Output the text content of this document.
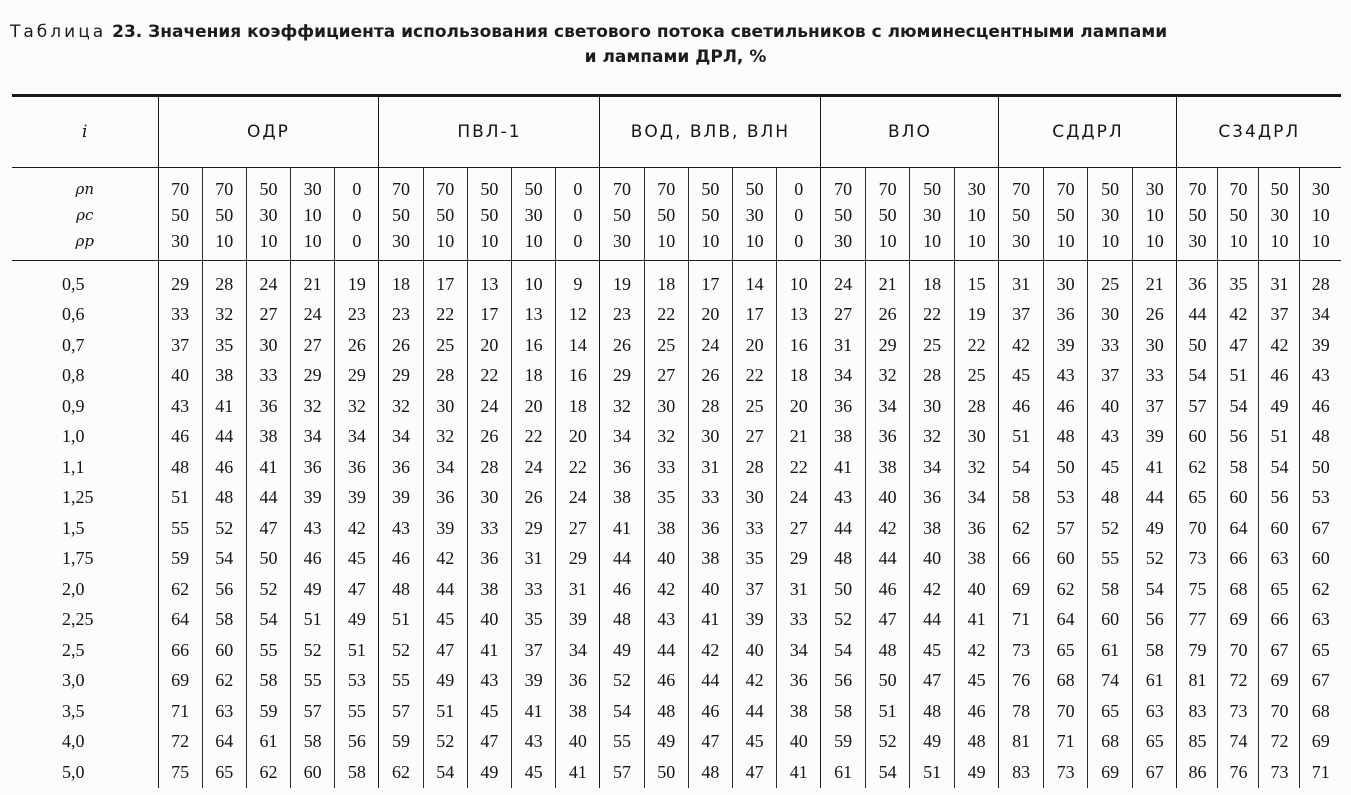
Таблица 23. Значения коэффициента использования светового потока светильников с люминесцентными лампами
и лампами ДРЛ, %
i	ОДР					ПВЛ-1					ВОД, ВЛВ, ВЛН					ВЛО				СДДРЛ				С34ДРЛ			
ρп	70	70	50	30	0	70	70	50	50	0	70	70	50	50	0	70	70	50	30	70	70	50	30	70	70	50	30
ρс	50	50	30	10	0	50	50	50	30	0	50	50	50	30	0	50	50	30	10	50	50	30	10	50	50	30	10
ρр	30	10	10	10	0	30	10	10	10	0	30	10	10	10	0	30	10	10	10	30	10	10	10	30	10	10	10
0,5	29	28	24	21	19	18	17	13	10	9	19	18	17	14	10	24	21	18	15	31	30	25	21	36	35	31	28
0,6	33	32	27	24	23	23	22	17	13	12	23	22	20	17	13	27	26	22	19	37	36	30	26	44	42	37	34
0,7	37	35	30	27	26	26	25	20	16	14	26	25	24	20	16	31	29	25	22	42	39	33	30	50	47	42	39
0,8	40	38	33	29	29	29	28	22	18	16	29	27	26	22	18	34	32	28	25	45	43	37	33	54	51	46	43
0,9	43	41	36	32	32	32	30	24	20	18	32	30	28	25	20	36	34	30	28	46	46	40	37	57	54	49	46
1,0	46	44	38	34	34	34	32	26	22	20	34	32	30	27	21	38	36	32	30	51	48	43	39	60	56	51	48
1,1	48	46	41	36	36	36	34	28	24	22	36	33	31	28	22	41	38	34	32	54	50	45	41	62	58	54	50
1,25	51	48	44	39	39	39	36	30	26	24	38	35	33	30	24	43	40	36	34	58	53	48	44	65	60	56	53
1,5	55	52	47	43	42	43	39	33	29	27	41	38	36	33	27	44	42	38	36	62	57	52	49	70	64	60	67
1,75	59	54	50	46	45	46	42	36	31	29	44	40	38	35	29	48	44	40	38	66	60	55	52	73	66	63	60
2,0	62	56	52	49	47	48	44	38	33	31	46	42	40	37	31	50	46	42	40	69	62	58	54	75	68	65	62
2,25	64	58	54	51	49	51	45	40	35	39	48	43	41	39	33	52	47	44	41	71	64	60	56	77	69	66	63
2,5	66	60	55	52	51	52	47	41	37	34	49	44	42	40	34	54	48	45	42	73	65	61	58	79	70	67	65
3,0	69	62	58	55	53	55	49	43	39	36	52	46	44	42	36	56	50	47	45	76	68	74	61	81	72	69	67
3,5	71	63	59	57	55	57	51	45	41	38	54	48	46	44	38	58	51	48	46	78	70	65	63	83	73	70	68
4,0	72	64	61	58	56	59	52	47	43	40	55	49	47	45	40	59	52	49	48	81	71	68	65	85	74	72	69
5,0	75	65	62	60	58	62	54	49	45	41	57	50	48	47	41	61	54	51	49	83	73	69	67	86	76	73	71
